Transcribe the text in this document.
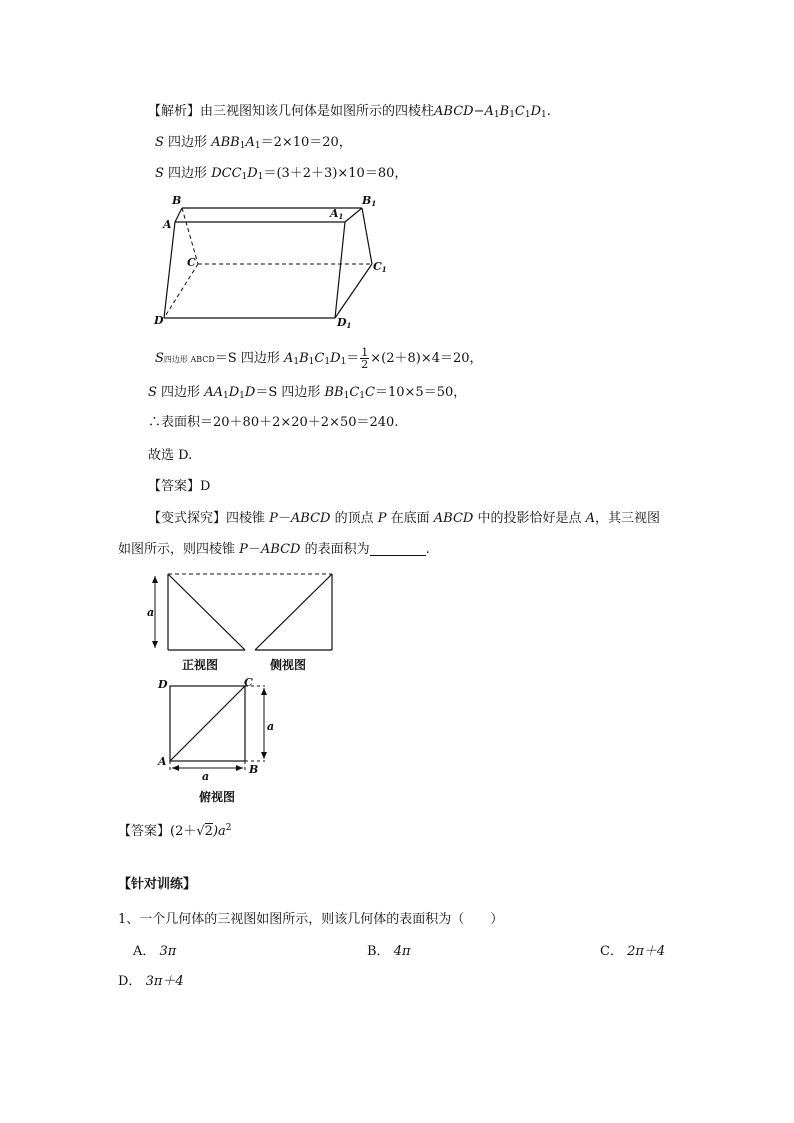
【解析】由三视图知该几何体是如图所示的四棱柱$ABCD-A_1B_1C_1D_1$.
S 四边形 $ABB_1A_1=2\times 10=20$，
S 四边形 $DCC_1D_1=(3+2+3)\times 10=80$，
B
A
A1
B1
C	C1
D	D1
S四边形 ABCD＝S 四边形 $A_1B_1C_1D_1= \frac{1}{2} \times(2+8)\times 4=20$，
S 四边形 $AA_1D_1D=S$ 四边形 $BB_1C_1C=10\times 5=50$，
∴表面积＝20＋80＋2×20＋2×50＝240.
故选 D.
【答案】D
【变式探究】四棱锥 P－ABCD 的顶点 P 在底面 ABCD 中的投影恰好是点 A，其三视图
如图所示，则四棱锥 P－ABCD 的表面积为	.
a
a
a
D	C
A
B
正视图	侧视图
俯视图
【答案】$(2+√2)a^2$
【针对训练】
1、一个几何体的三视图如图所示，则该几何体的表面积为（　　）
A． 3π	B． 4π	C． 2π＋4
D． 3π＋4
